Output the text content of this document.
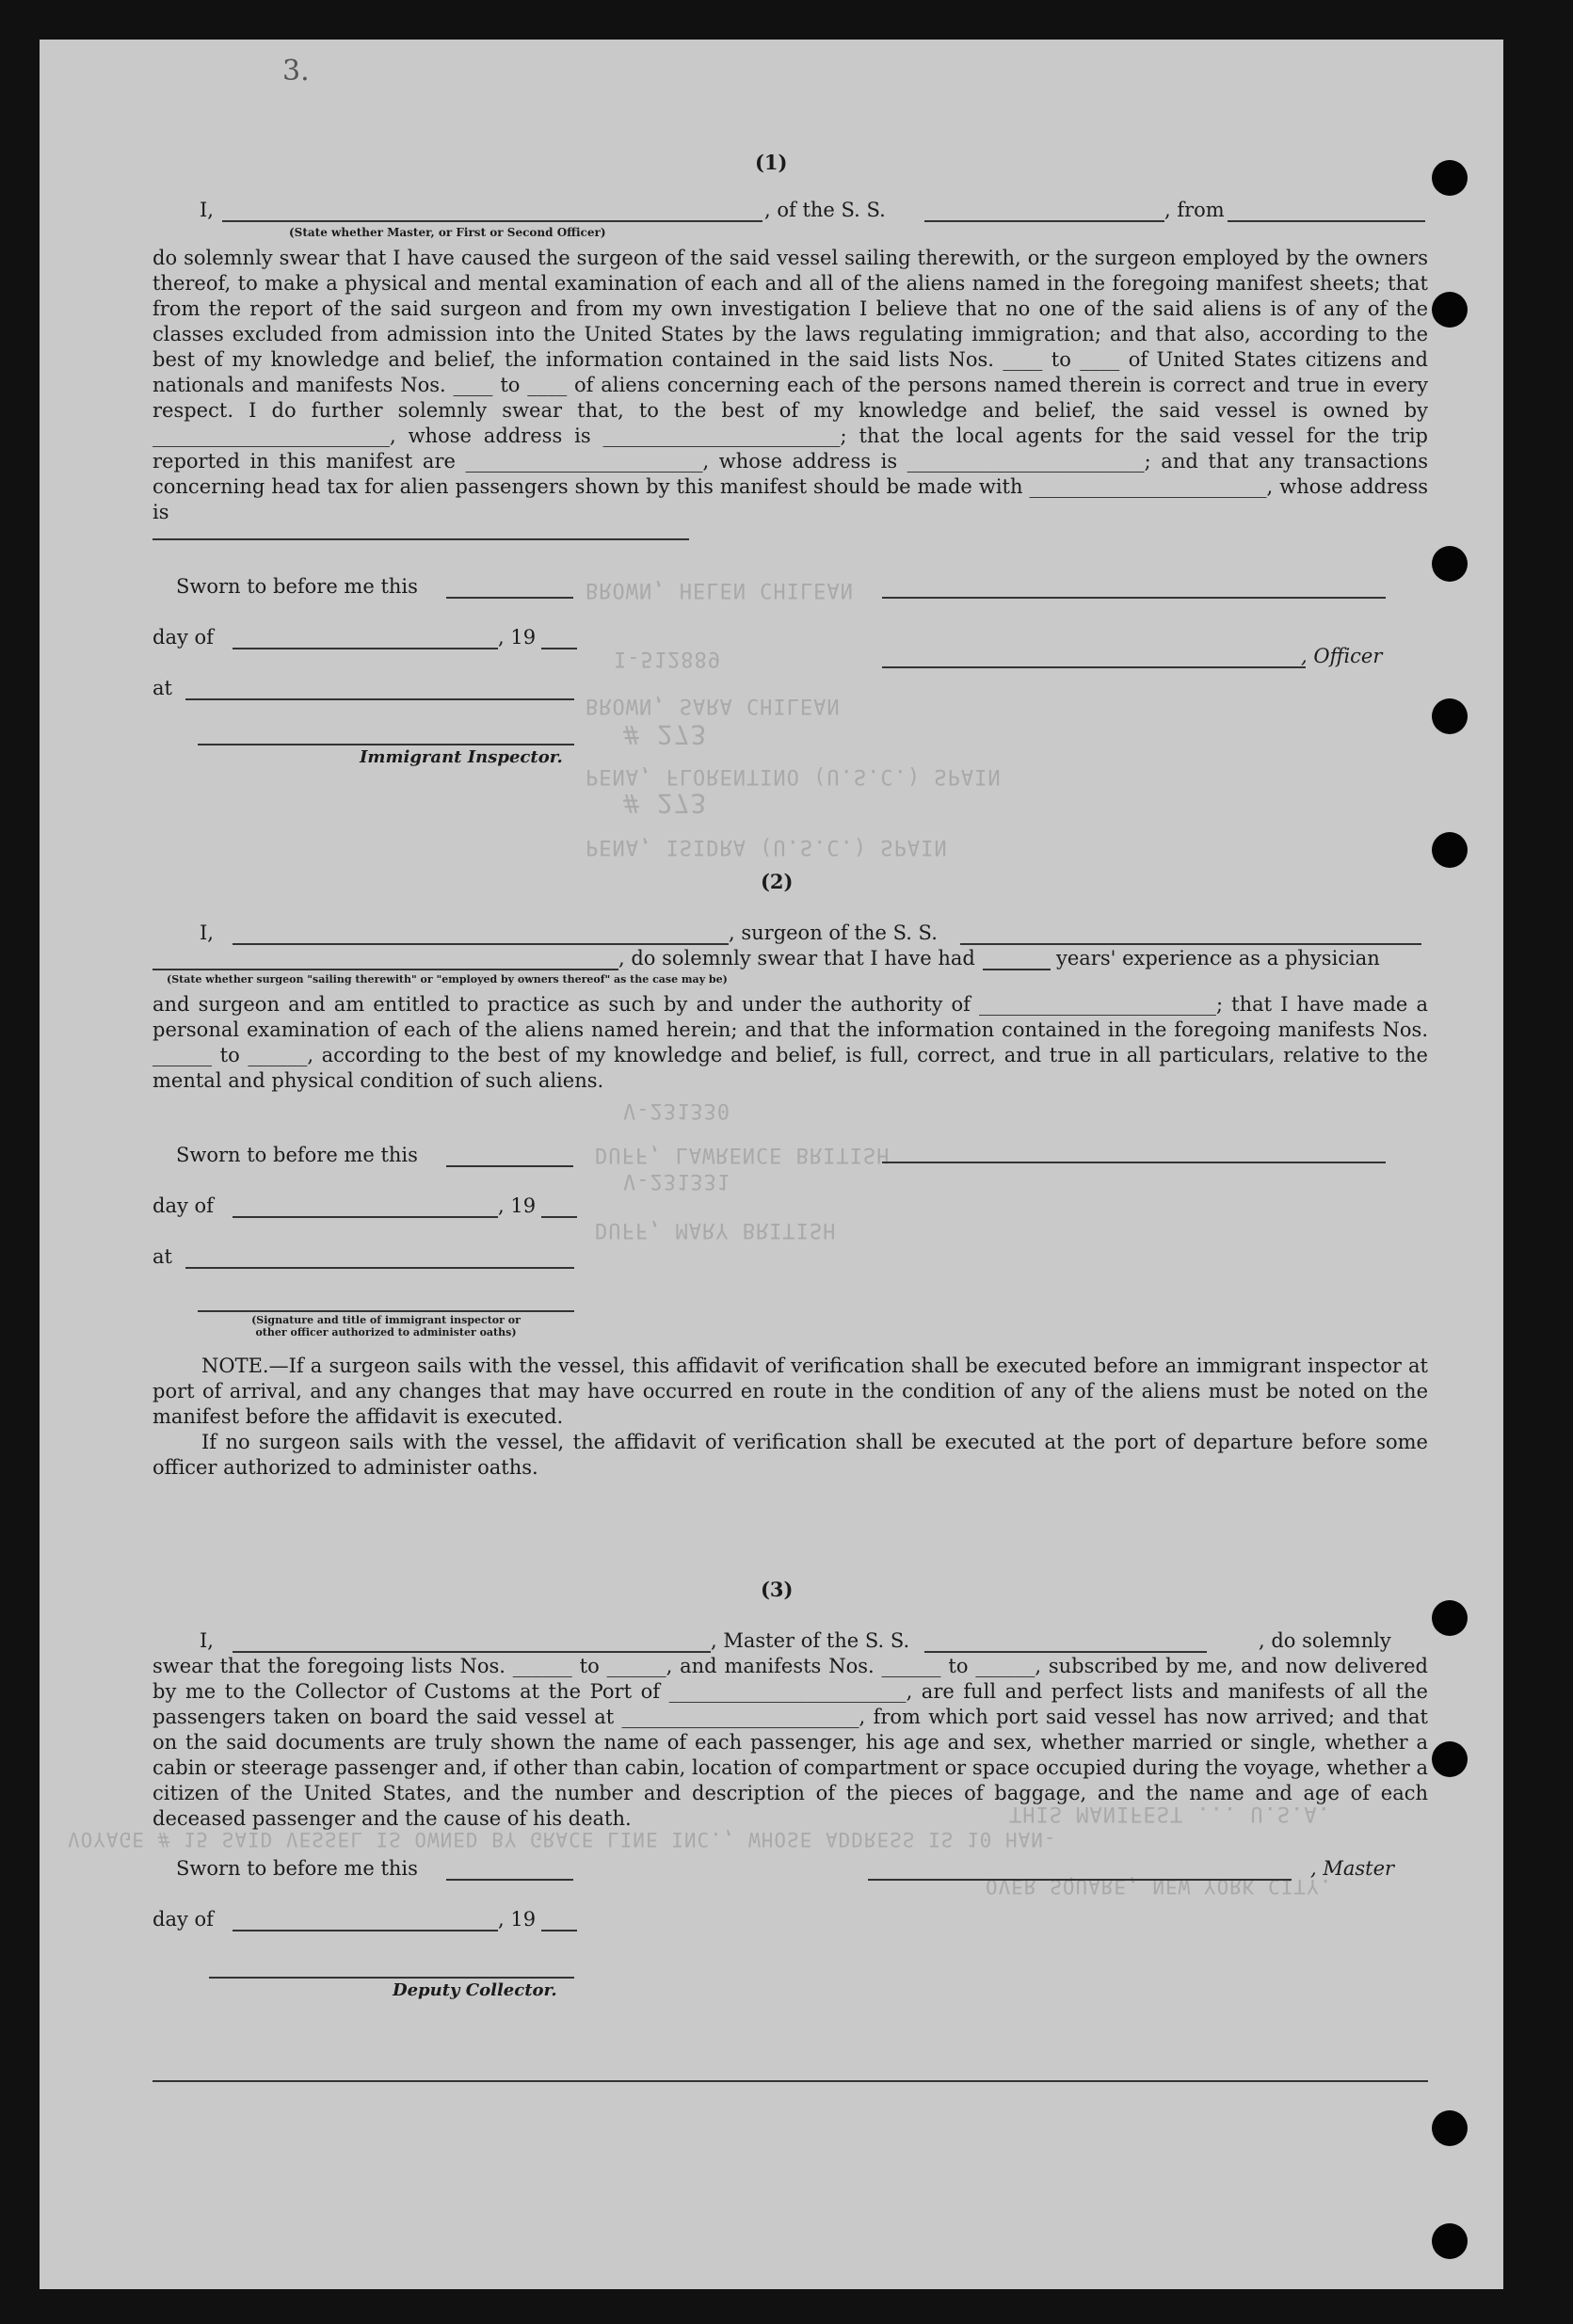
3.
BROWN, HELEN CHILEAN
I-512889
BROWN, SARA CHILEAN
# 273
PENA, FLORENTINO (U.S.C.) SPAIN
# 273
PENA, ISIDRA (U.S.C.) SPAIN
V-231330
DUFF, LAWRENCE BRITISH
V-231331
DUFF, MARY BRITISH
THIS MANIFEST ... U.S.A.
VOYAGE # 15 SAID VESSEL IS OWNED BY GRACE LINE INC., WHOSE ADDRESS IS 10 HAN-
OVER SQUARE, NEW YORK CITY.
(1)
I,	, of the S. S.	, from
(State whether Master, or First or Second Officer)
do solemnly swear that I have caused the surgeon of the said vessel sailing therewith, or the surgeon employed by the owners thereof, to make a physical and mental examination of each and all of the aliens named in the foregoing manifest sheets; that from the report of the said surgeon and from my own investigation I believe that no one of the said aliens is of any of the classes excluded from admission into the United States by the laws regulating immigration; and that also, according to the best of my knowledge and belief, the information contained in the said lists Nos. ____ to ____ of United States citizens and nationals and manifests Nos. ____ to ____ of aliens concerning each of the persons named therein is correct and true in every respect. I do further solemnly swear that, to the best of my knowledge and belief, the said vessel is owned by ________________________, whose address is ________________________; that the local agents for the said vessel for the trip reported in this manifest are ________________________, whose address is ________________________; and that any transactions concerning head tax for alien passengers shown by this manifest should be made with ________________________, whose address is
Sworn to before me this
day of	, 19
, Officer
at
Immigrant Inspector.
(2)
I,	, surgeon of the S. S.
, do solemnly swear that I have had	years' experience as a physician
(State whether surgeon "sailing therewith" or "employed by owners thereof" as the case may be)
and surgeon and am entitled to practice as such by and under the authority of ________________________; that I have made a personal examination of each of the aliens named herein; and that the information contained in the foregoing manifests Nos. ______ to ______, according to the best of my knowledge and belief, is full, correct, and true in all particulars, relative to the mental and physical condition of such aliens.
Sworn to before me this
day of	, 19
at
(Signature and title of immigrant inspector or
other officer authorized to administer oaths)
NOTE.—If a surgeon sails with the vessel, this affidavit of verification shall be executed before an immigrant inspector at port of arrival, and any changes that may have occurred en route in the condition of any of the aliens must be noted on the manifest before the affidavit is executed.
If no surgeon sails with the vessel, the affidavit of verification shall be executed at the port of departure before some officer authorized to administer oaths.
(3)
I,	, Master of the S. S.	, do solemnly
swear that the foregoing lists Nos. ______ to ______, and manifests Nos. ______ to ______, subscribed by me, and now delivered by me to the Collector of Customs at the Port of ________________________, are full and perfect lists and manifests of all the passengers taken on board the said vessel at ________________________, from which port said vessel has now arrived; and that on the said documents are truly shown the name of each passenger, his age and sex, whether married or single, whether a cabin or steerage passenger and, if other than cabin, location of compartment or space occupied during the voyage, whether a citizen of the United States, and the number and description of the pieces of baggage, and the name and age of each deceased passenger and the cause of his death.
Sworn to before me this	, Master
day of	, 19
Deputy Collector.
